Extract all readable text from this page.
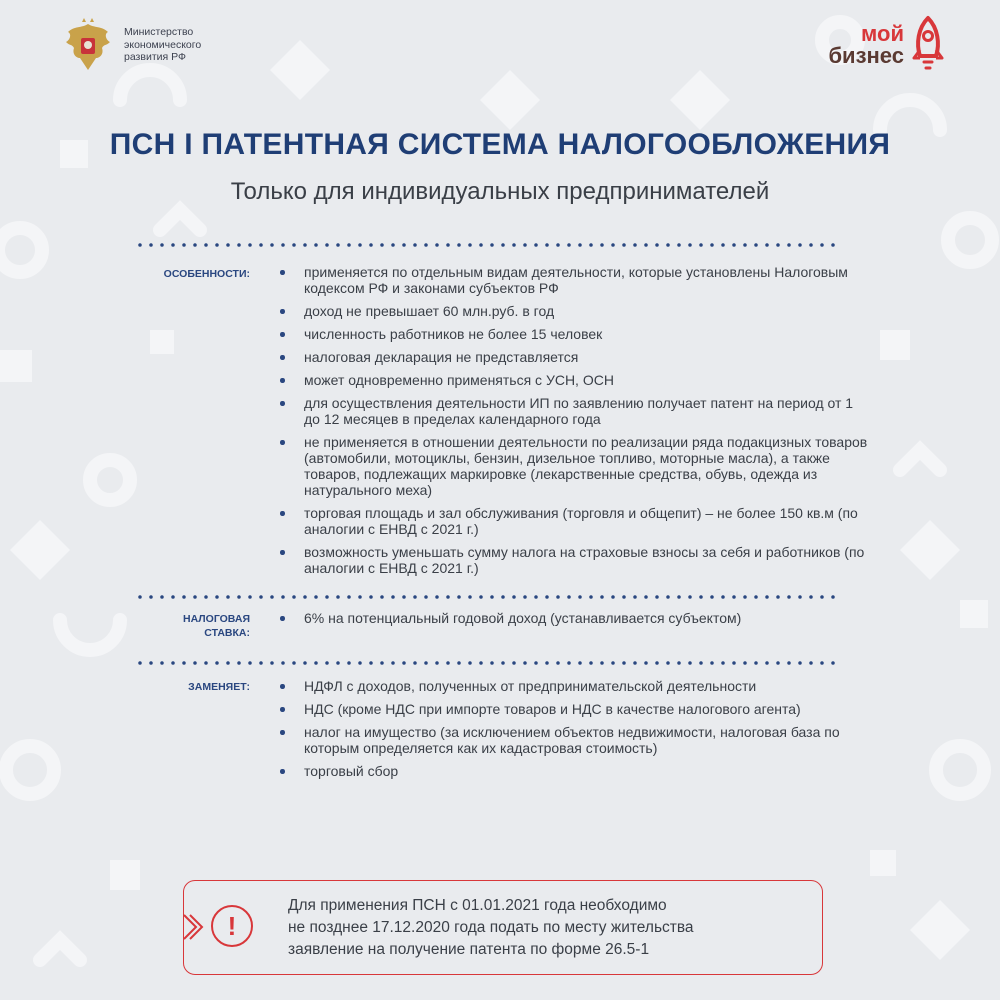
Министерство
экономического
развития РФ
мой
бизнес
ПСН I ПАТЕНТНАЯ СИСТЕМА НАЛОГООБЛОЖЕНИЯ

Только для индивидуальных предпринимателей

ОСОБЕННОСТИ:	применяется по отдельным видам деятельности, которые установлены Налоговым кодексом РФ и законами субъектов РФ
доход не превышает 60 млн.руб. в год
численность работников не более 15 человек
налоговая декларация не представляется
может одновременно применяться с УСН, ОСН
для осуществления деятельности ИП по заявлению получает патент на период от 1 до 12 месяцев в пределах календарного года
не применяется в отношении деятельности по реализации ряда подакцизных товаров (автомобили, мотоциклы, бензин, дизельное топливо, моторные масла), а также товаров, подлежащих маркировке (лекарственные средства, обувь, одежда из натурального меха)
торговая площадь и зал обслуживания (торговля и общепит) – не более 150 кв.м (по аналогии с ЕНВД с 2021 г.)
возможность уменьшать сумму налога на страховые взносы за себя и работников (по аналогии с ЕНВД с 2021 г.)
НАЛОГОВАЯ
СТАВКА:
6% на потенциальный годовой доход (устанавливается субъектом)
ЗАМЕНЯЕТ:	НДФЛ с доходов, полученных от предпринимательской деятельности
НДС (кроме НДС при импорте товаров и НДС в качестве налогового агента)
налог на имущество (за исключением объектов недвижимости, налоговая база по которым определяется как их кадастровая стоимость)
торговый сбор
!
Для применения ПСН с 01.01.2021 года необходимо
не позднее 17.12.2020 года подать по месту жительства
заявление на получение патента по форме 26.5-1
